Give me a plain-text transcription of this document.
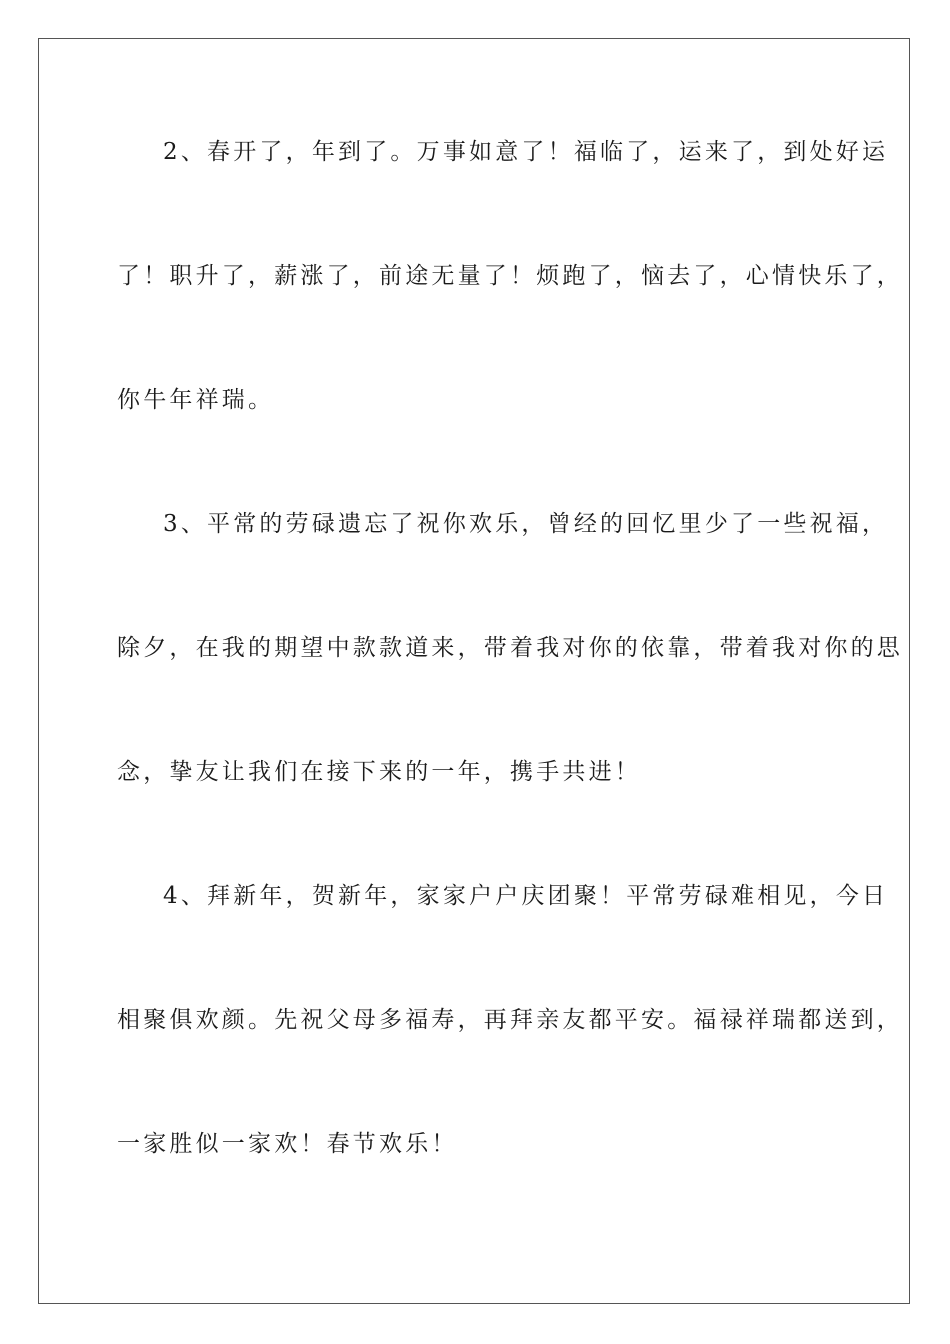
2、春开了，年到了。万事如意了！福临了，运来了，到处好运
了！职升了，薪涨了，前途无量了！烦跑了，恼去了，心情快乐了，
你牛年祥瑞。
3、平常的劳碌遗忘了祝你欢乐，曾经的回忆里少了一些祝福，
除夕，在我的期望中款款道来，带着我对你的依靠，带着我对你的思
念，挚友让我们在接下来的一年，携手共进！
4、拜新年，贺新年，家家户户庆团聚！平常劳碌难相见，今日
相聚俱欢颜。先祝父母多福寿，再拜亲友都平安。福禄祥瑞都送到，
一家胜似一家欢！春节欢乐！
